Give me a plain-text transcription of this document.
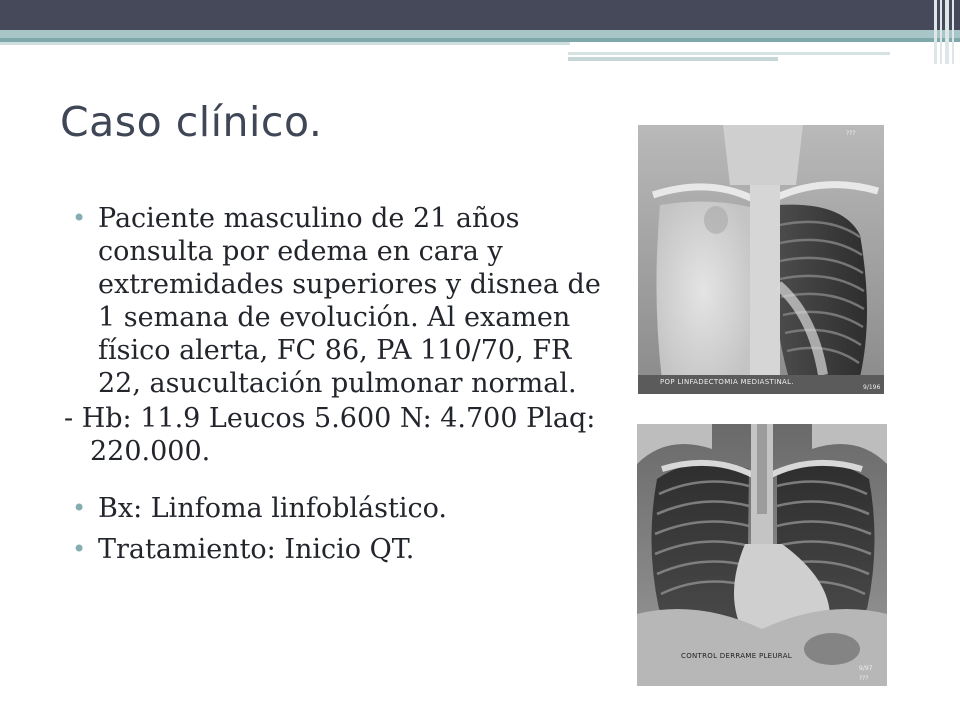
Caso clínico.
• Paciente masculino de 21 años consulta por edema en cara y extremidades superiores y disnea de 1 semana de evolución. Al examen físico alerta, FC 86, PA 110/70, FR 22, asucultación pulmonar normal.
- Hb: 11.9 Leucos 5.600 N: 4.700 Plaq: 220.000.
• Bx: Linfoma linfoblástico.
• Tratamiento: Inicio QT.
???
9/196
POP LINFADECTOMIA MEDIASTINAL.
9/97
???
CONTROL DERRAME PLEURAL
